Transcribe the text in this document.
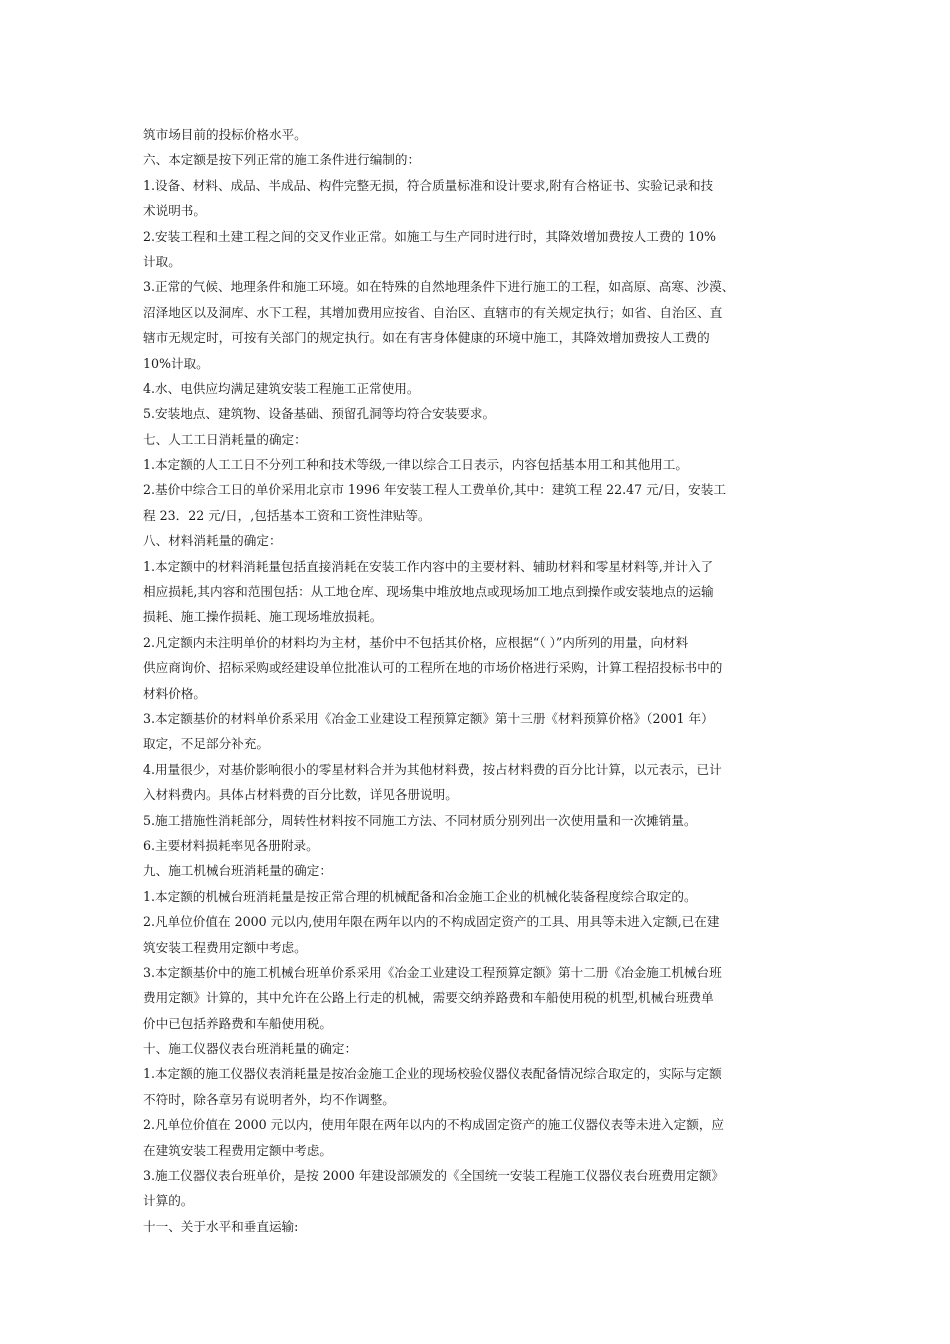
筑市场目前的投标价格水平。
六、本定额是按下列正常的施工条件进行编制的：
1.设备、材料、成品、半成品、构件完整无损，符合质量标准和设计要求,附有合格证书、实验记录和技
术说明书。
2.安装工程和土建工程之间的交叉作业正常。如施工与生产同时进行时，其降效增加费按人工费的 10%
计取。
3.正常的气候、地理条件和施工环境。如在特殊的自然地理条件下进行施工的工程，如高原、高寒、沙漠、
沼泽地区以及洞库、水下工程，其增加费用应按省、自治区、直辖市的有关规定执行；如省、自治区、直
辖市无规定时，可按有关部门的规定执行。如在有害身体健康的环境中施工，其降效增加费按人工费的
10%计取。
4.水、电供应均满足建筑安装工程施工正常使用。
5.安装地点、建筑物、设备基础、预留孔洞等均符合安装要求。
七、人工工日消耗量的确定：
1.本定额的人工工日不分列工种和技术等级,一律以综合工日表示，内容包括基本用工和其他用工。
2.基价中综合工日的单价采用北京市 1996 年安装工程人工费单价,其中：建筑工程 22.47 元/日，安装工
程 23．22 元/日，,包括基本工资和工资性津贴等。
八、材料消耗量的确定：
1.本定额中的材料消耗量包括直接消耗在安装工作内容中的主要材料、辅助材料和零星材料等,并计入了
相应损耗,其内容和范围包括：从工地仓库、现场集中堆放地点或现场加工地点到操作或安装地点的运输
损耗、施工操作损耗、施工现场堆放损耗。
2.凡定额内未注明单价的材料均为主材，基价中不包括其价格，应根据“（ ）”内所列的用量，向材料
供应商询价、招标采购或经建设单位批准认可的工程所在地的市场价格进行采购，计算工程招投标书中的
材料价格。
3.本定额基价的材料单价系采用《冶金工业建设工程预算定额》第十三册《材料预算价格》（2001 年）
取定，不足部分补充。
4.用量很少，对基价影响很小的零星材料合并为其他材料费，按占材料费的百分比计算，以元表示，已计
入材料费内。具体占材料费的百分比数，详见各册说明。
5.施工措施性消耗部分，周转性材料按不同施工方法、不同材质分别列出一次使用量和一次摊销量。
6.主要材料损耗率见各册附录。
九、施工机械台班消耗量的确定：
1.本定额的机械台班消耗量是按正常合理的机械配备和冶金施工企业的机械化装备程度综合取定的。
2.凡单位价值在 2000 元以内,使用年限在两年以内的不构成固定资产的工具、用具等未进入定额,已在建
筑安装工程费用定额中考虑。
3.本定额基价中的施工机械台班单价系采用《冶金工业建设工程预算定额》第十二册《冶金施工机械台班
费用定额》计算的，其中允许在公路上行走的机械，需要交纳养路费和车船使用税的机型,机械台班费单
价中已包括养路费和车船使用税。
十、施工仪器仪表台班消耗量的确定：
1.本定额的施工仪器仪表消耗量是按冶金施工企业的现场校验仪器仪表配备情况综合取定的，实际与定额
不符时，除各章另有说明者外，均不作调整。
2.凡单位价值在 2000 元以内，使用年限在两年以内的不构成固定资产的施工仪器仪表等未进入定额，应
在建筑安装工程费用定额中考虑。
3.施工仪器仪表台班单价，是按 2000 年建设部颁发的《全国统一安装工程施工仪器仪表台班费用定额》
计算的。
十一、关于水平和垂直运输:
